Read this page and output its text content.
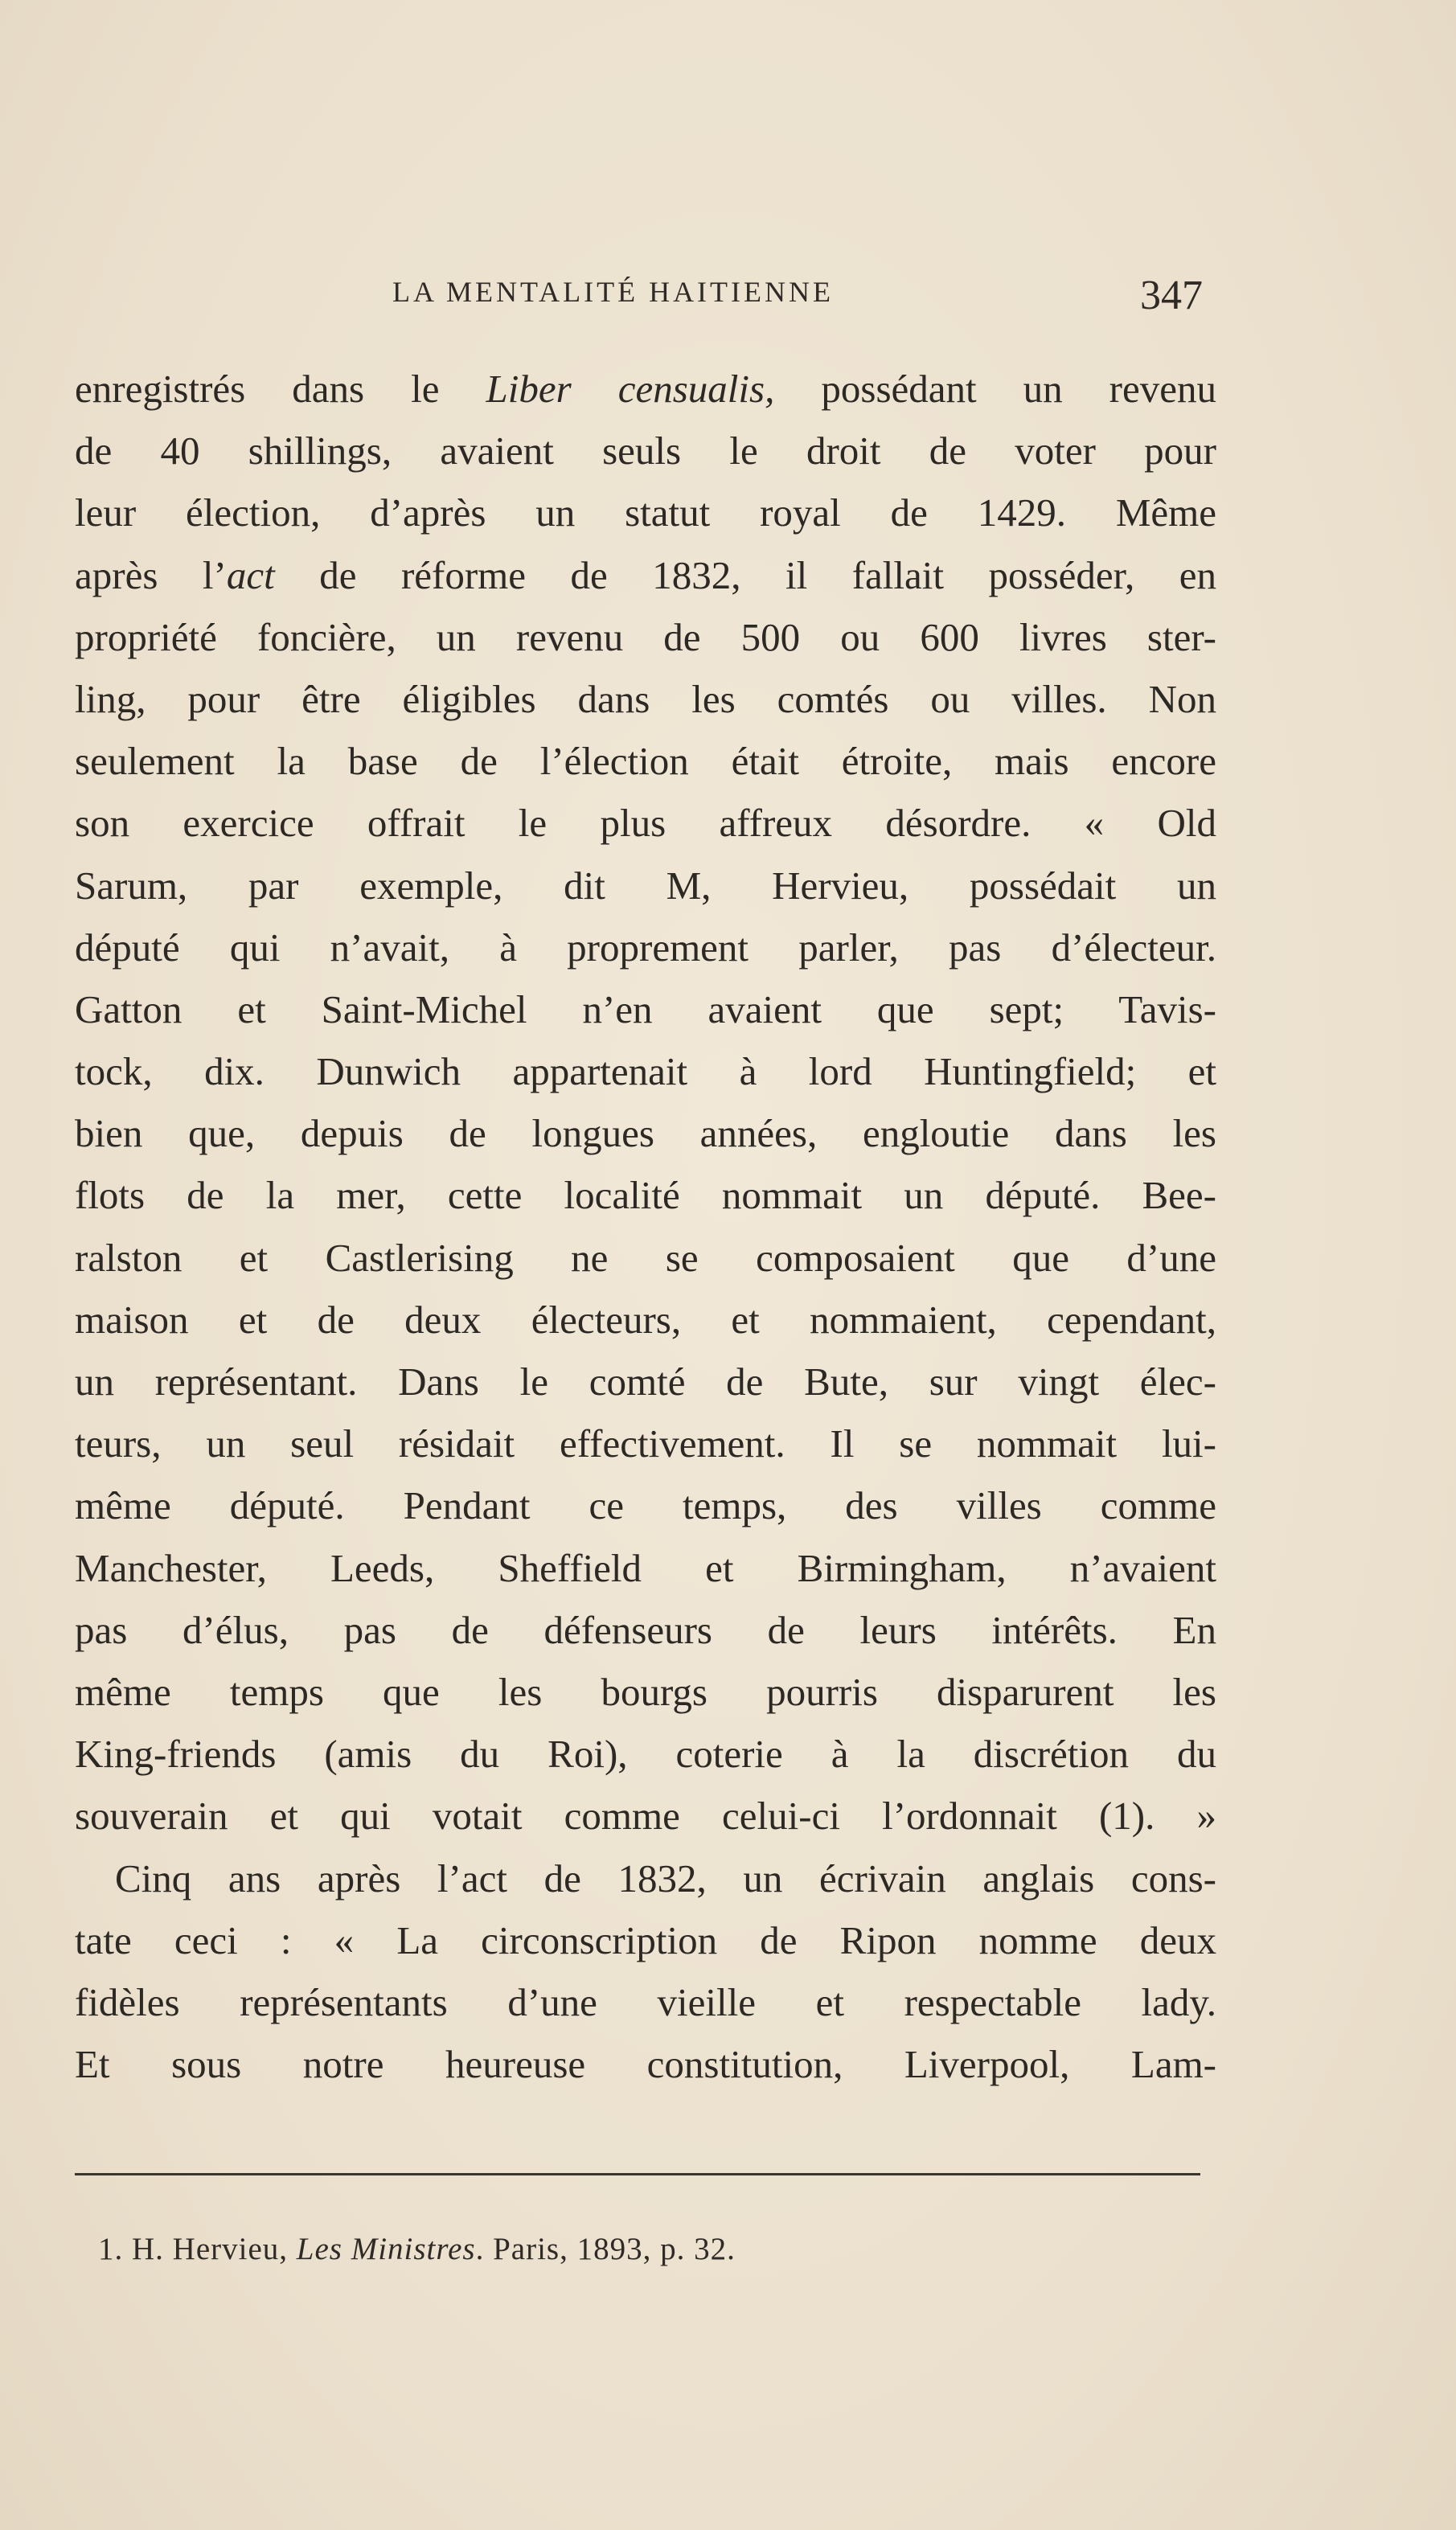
LA MENTALITÉ HAITIENNE	347
enregistrés dans le Liber censualis, possédant un revenu
de 40 shillings, avaient seuls le droit de voter pour
leur élection, d’après un statut royal de 1429. Même
après l’act de réforme de 1832, il fallait posséder, en
propriété foncière, un revenu de 500 ou 600 livres ster-
ling, pour être éligibles dans les comtés ou villes. Non
seulement la base de l’élection était étroite, mais encore
son exercice offrait le plus affreux désordre. « Old
Sarum, par exemple, dit M, Hervieu, possédait un
député qui n’avait, à proprement parler, pas d’électeur.
Gatton et Saint-Michel n’en avaient que sept; Tavis-
tock, dix. Dunwich appartenait à lord Huntingfield; et
bien que, depuis de longues années, engloutie dans les
flots de la mer, cette localité nommait un député. Bee-
ralston et Castlerising ne se composaient que d’une
maison et de deux électeurs, et nommaient, cependant,
un représentant. Dans le comté de Bute, sur vingt élec-
teurs, un seul résidait effectivement. Il se nommait lui-
même député. Pendant ce temps, des villes comme
Manchester, Leeds, Sheffield et Birmingham, n’avaient
pas d’élus, pas de défenseurs de leurs intérêts. En
même temps que les bourgs pourris disparurent les
King-friends (amis du Roi), coterie à la discrétion du
souverain et qui votait comme celui-ci l’ordonnait (1). »
Cinq ans après l’act de 1832, un écrivain anglais cons-
tate ceci : « La circonscription de Ripon nomme deux
fidèles représentants d’une vieille et respectable lady.
Et sous notre heureuse constitution, Liverpool, Lam-
1. H. Hervieu, Les Ministres. Paris, 1893, p. 32.
